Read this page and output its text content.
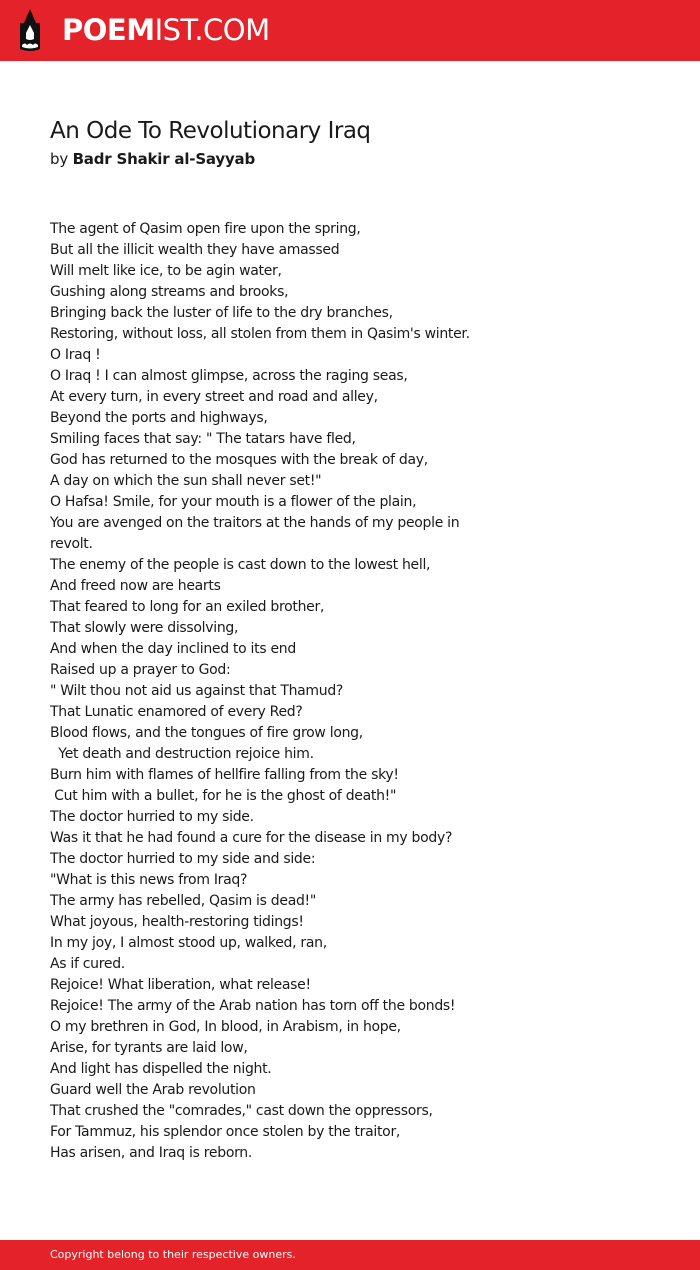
POEMIST.COM
An Ode To Revolutionary Iraq
by Badr Shakir al-Sayyab
The agent of Qasim open fire upon the spring,
But all the illicit wealth they have amassed
Will melt like ice, to be agin water,
Gushing along streams and brooks,
Bringing back the luster of life to the dry branches,
Restoring, without loss, all stolen from them in Qasim's winter.
O Iraq !
O Iraq ! I can almost glimpse, across the raging seas,
At every turn, in every street and road and alley,
Beyond the ports and highways,
Smiling faces that say: " The tatars have fled,
God has returned to the mosques with the break of day,
A day on which the sun shall never set!"
O Hafsa! Smile, for your mouth is a flower of the plain,
You are avenged on the traitors at the hands of my people in
revolt.
The enemy of the people is cast down to the lowest hell,
And freed now are hearts
That feared to long for an exiled brother,
That slowly were dissolving,
And when the day inclined to its end
Raised up a prayer to God:
" Wilt thou not aid us against that Thamud?
That Lunatic enamored of every Red?
Blood flows, and the tongues of fire grow long,
Yet death and destruction rejoice him.
Burn him with flames of hellfire falling from the sky!
Cut him with a bullet, for he is the ghost of death!"
The doctor hurried to my side.
Was it that he had found a cure for the disease in my body?
The doctor hurried to my side and side:
"What is this news from Iraq?
The army has rebelled, Qasim is dead!"
What joyous, health-restoring tidings!
In my joy, I almost stood up, walked, ran,
As if cured.
Rejoice! What liberation, what release!
Rejoice! The army of the Arab nation has torn off the bonds!
O my brethren in God, In blood, in Arabism, in hope,
Arise, for tyrants are laid low,
And light has dispelled the night.
Guard well the Arab revolution
That crushed the "comrades," cast down the oppressors,
For Tammuz, his splendor once stolen by the traitor,
Has arisen, and Iraq is reborn.
Copyright belong to their respective owners.
